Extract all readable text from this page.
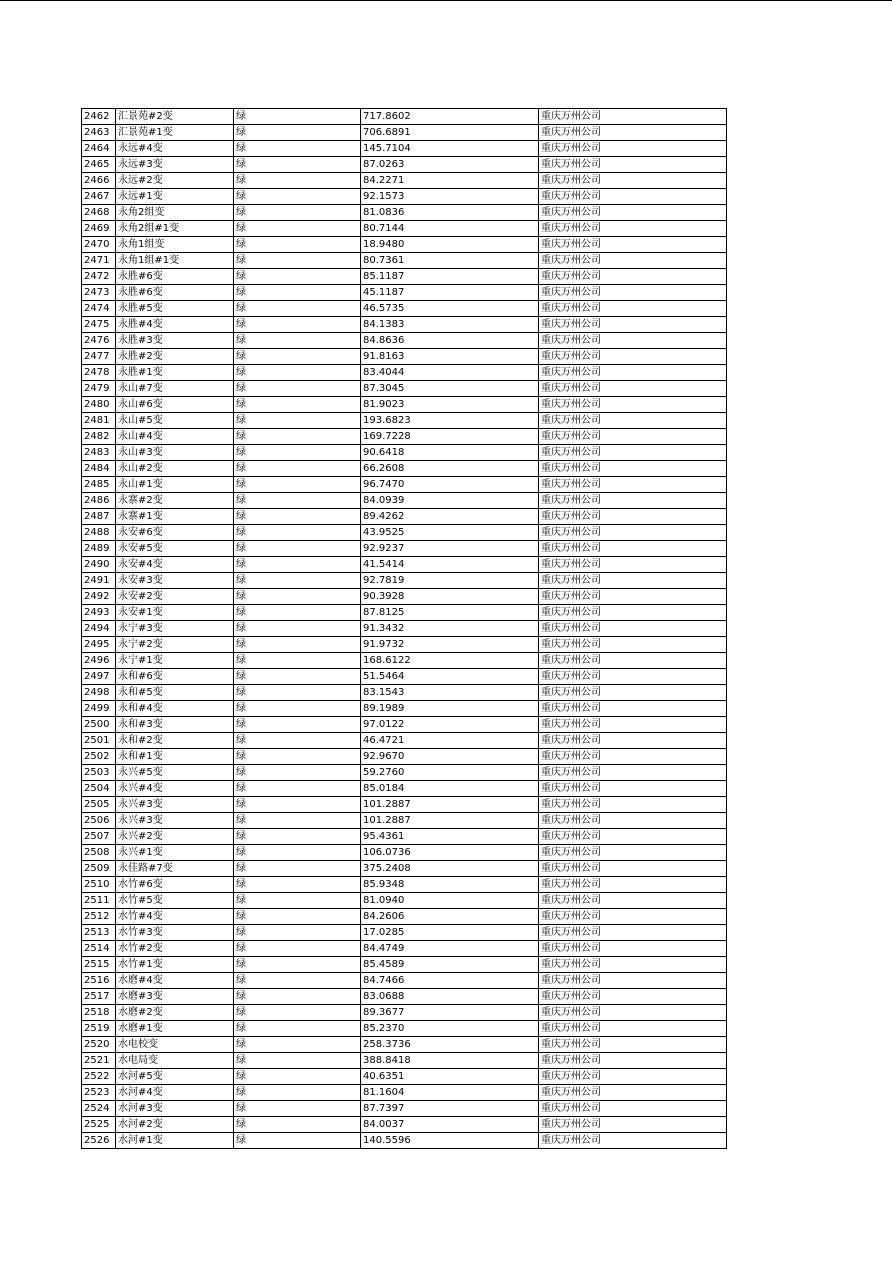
2462	汇景苑#2变	绿	717.8602	重庆万州公司
2463	汇景苑#1变	绿	706.6891	重庆万州公司
2464	永远#4变	绿	145.7104	重庆万州公司
2465	永远#3变	绿	87.0263	重庆万州公司
2466	永远#2变	绿	84.2271	重庆万州公司
2467	永远#1变	绿	92.1573	重庆万州公司
2468	永角2组变	绿	81.0836	重庆万州公司
2469	永角2组#1变	绿	80.7144	重庆万州公司
2470	永角1组变	绿	18.9480	重庆万州公司
2471	永角1组#1变	绿	80.7361	重庆万州公司
2472	永胜#6变	绿	85.1187	重庆万州公司
2473	永胜#6变	绿	45.1187	重庆万州公司
2474	永胜#5变	绿	46.5735	重庆万州公司
2475	永胜#4变	绿	84.1383	重庆万州公司
2476	永胜#3变	绿	84.8636	重庆万州公司
2477	永胜#2变	绿	91.8163	重庆万州公司
2478	永胜#1变	绿	83.4044	重庆万州公司
2479	永山#7变	绿	87.3045	重庆万州公司
2480	永山#6变	绿	81.9023	重庆万州公司
2481	永山#5变	绿	193.6823	重庆万州公司
2482	永山#4变	绿	169.7228	重庆万州公司
2483	永山#3变	绿	90.6418	重庆万州公司
2484	永山#2变	绿	66.2608	重庆万州公司
2485	永山#1变	绿	96.7470	重庆万州公司
2486	永寨#2变	绿	84.0939	重庆万州公司
2487	永寨#1变	绿	89.4262	重庆万州公司
2488	永安#6变	绿	43.9525	重庆万州公司
2489	永安#5变	绿	92.9237	重庆万州公司
2490	永安#4变	绿	41.5414	重庆万州公司
2491	永安#3变	绿	92.7819	重庆万州公司
2492	永安#2变	绿	90.3928	重庆万州公司
2493	永安#1变	绿	87.8125	重庆万州公司
2494	永宁#3变	绿	91.3432	重庆万州公司
2495	永宁#2变	绿	91.9732	重庆万州公司
2496	永宁#1变	绿	168.6122	重庆万州公司
2497	永和#6变	绿	51.5464	重庆万州公司
2498	永和#5变	绿	83.1543	重庆万州公司
2499	永和#4变	绿	89.1989	重庆万州公司
2500	永和#3变	绿	97.0122	重庆万州公司
2501	永和#2变	绿	46.4721	重庆万州公司
2502	永和#1变	绿	92.9670	重庆万州公司
2503	永兴#5变	绿	59.2760	重庆万州公司
2504	永兴#4变	绿	85.0184	重庆万州公司
2505	永兴#3变	绿	101.2887	重庆万州公司
2506	永兴#3变	绿	101.2887	重庆万州公司
2507	永兴#2变	绿	95.4361	重庆万州公司
2508	永兴#1变	绿	106.0736	重庆万州公司
2509	永佳路#7变	绿	375.2408	重庆万州公司
2510	水竹#6变	绿	85.9348	重庆万州公司
2511	水竹#5变	绿	81.0940	重庆万州公司
2512	水竹#4变	绿	84.2606	重庆万州公司
2513	水竹#3变	绿	17.0285	重庆万州公司
2514	水竹#2变	绿	84.4749	重庆万州公司
2515	水竹#1变	绿	85.4589	重庆万州公司
2516	水磨#4变	绿	84.7466	重庆万州公司
2517	水磨#3变	绿	83.0688	重庆万州公司
2518	水磨#2变	绿	89.3677	重庆万州公司
2519	水磨#1变	绿	85.2370	重庆万州公司
2520	水电校变	绿	258.3736	重庆万州公司
2521	水电局变	绿	388.8418	重庆万州公司
2522	水河#5变	绿	40.6351	重庆万州公司
2523	水河#4变	绿	81.1604	重庆万州公司
2524	水河#3变	绿	87.7397	重庆万州公司
2525	水河#2变	绿	84.0037	重庆万州公司
2526	水河#1变	绿	140.5596	重庆万州公司
